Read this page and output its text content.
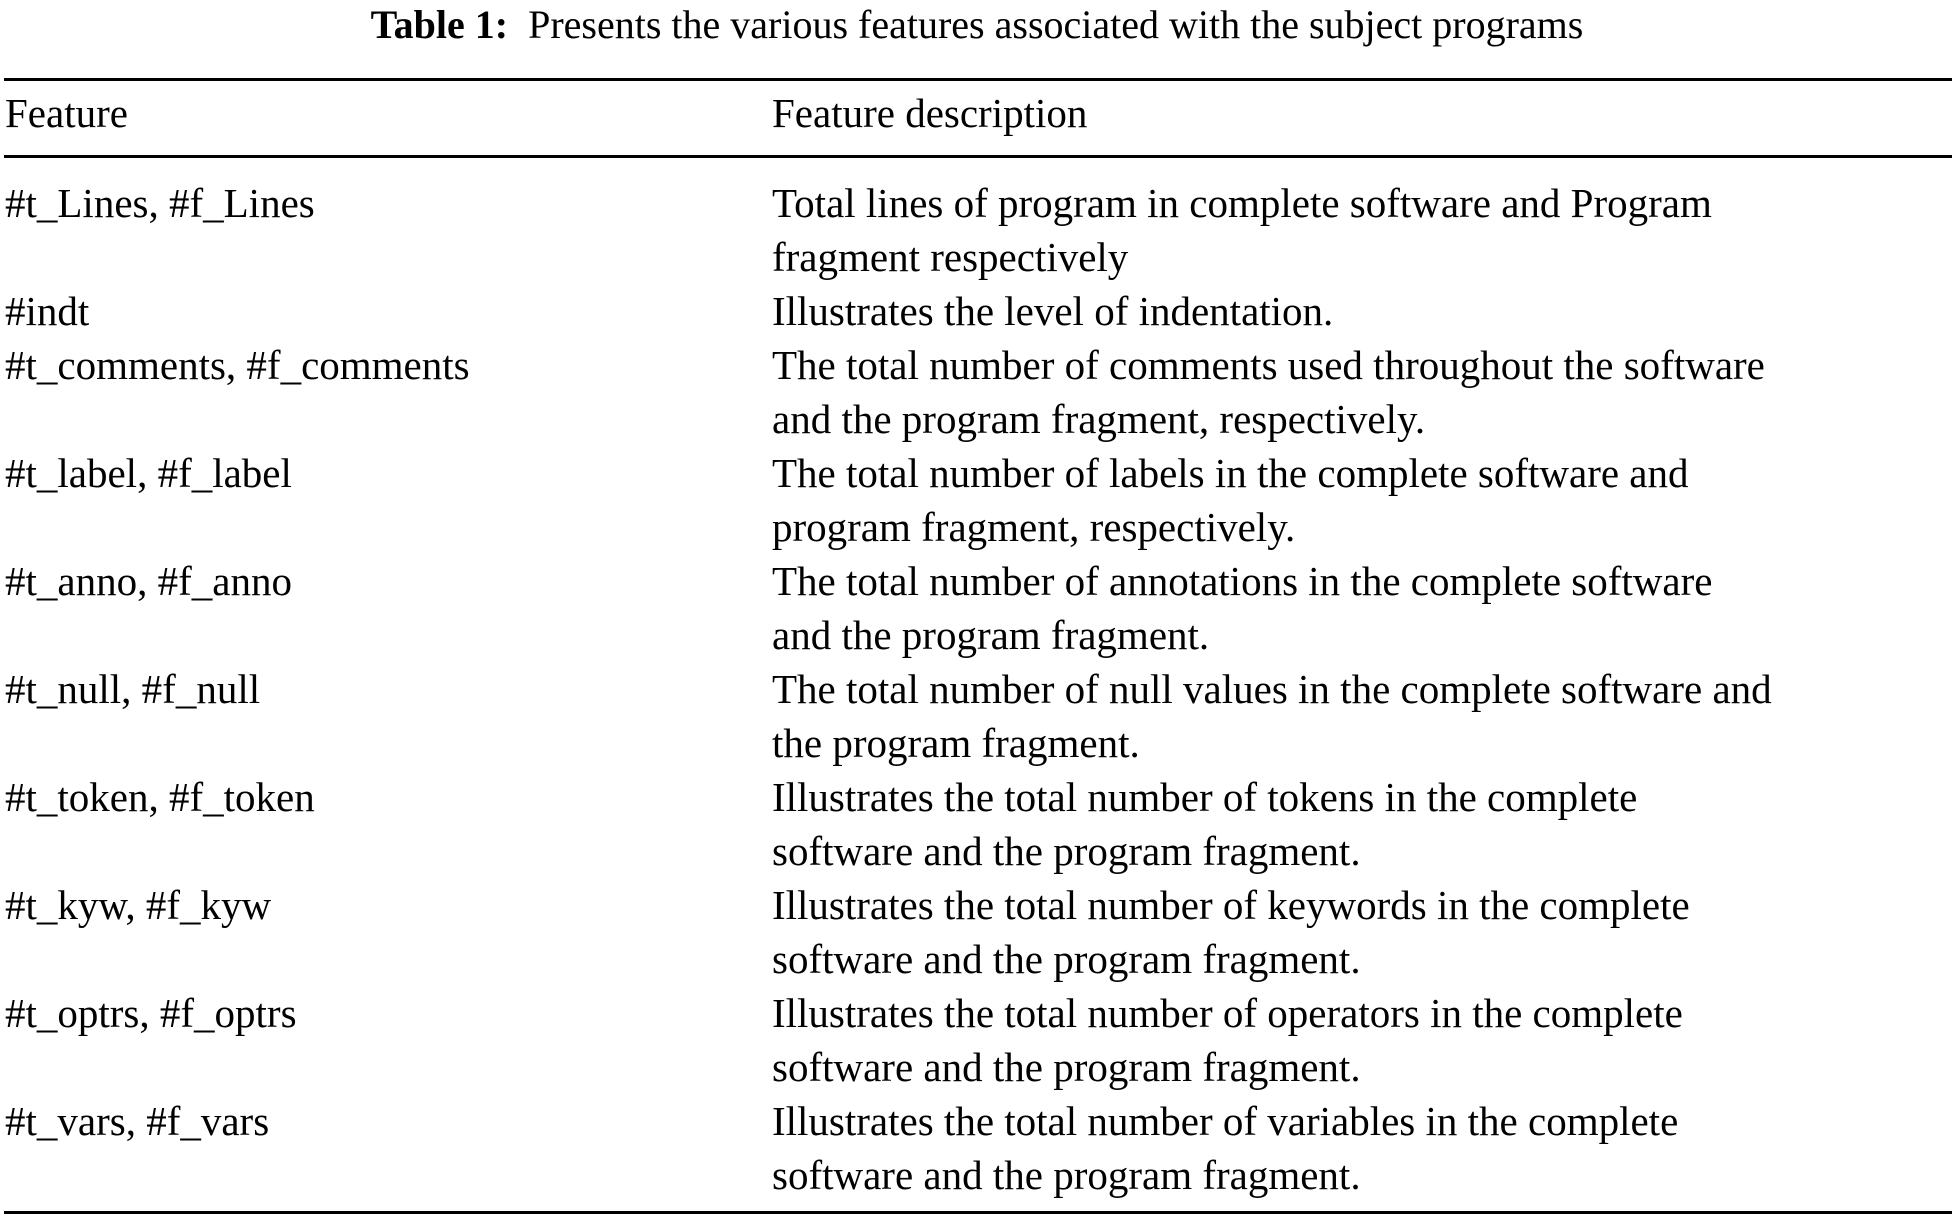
Table 1: Presents the various features associated with the subject programs
Feature	Feature description
#t_Lines, #f_Lines	Total lines of program in complete software and Program
fragment respectively
#indt	Illustrates the level of indentation.
#t_comments, #f_comments	The total number of comments used throughout the software
and the program fragment, respectively.
#t_label, #f_label	The total number of labels in the complete software and
program fragment, respectively.
#t_anno, #f_anno	The total number of annotations in the complete software
and the program fragment.
#t_null, #f_null	The total number of null values in the complete software and
the program fragment.
#t_token, #f_token	Illustrates the total number of tokens in the complete
software and the program fragment.
#t_kyw, #f_kyw	Illustrates the total number of keywords in the complete
software and the program fragment.
#t_optrs, #f_optrs	Illustrates the total number of operators in the complete
software and the program fragment.
#t_vars, #f_vars	Illustrates the total number of variables in the complete
software and the program fragment.
